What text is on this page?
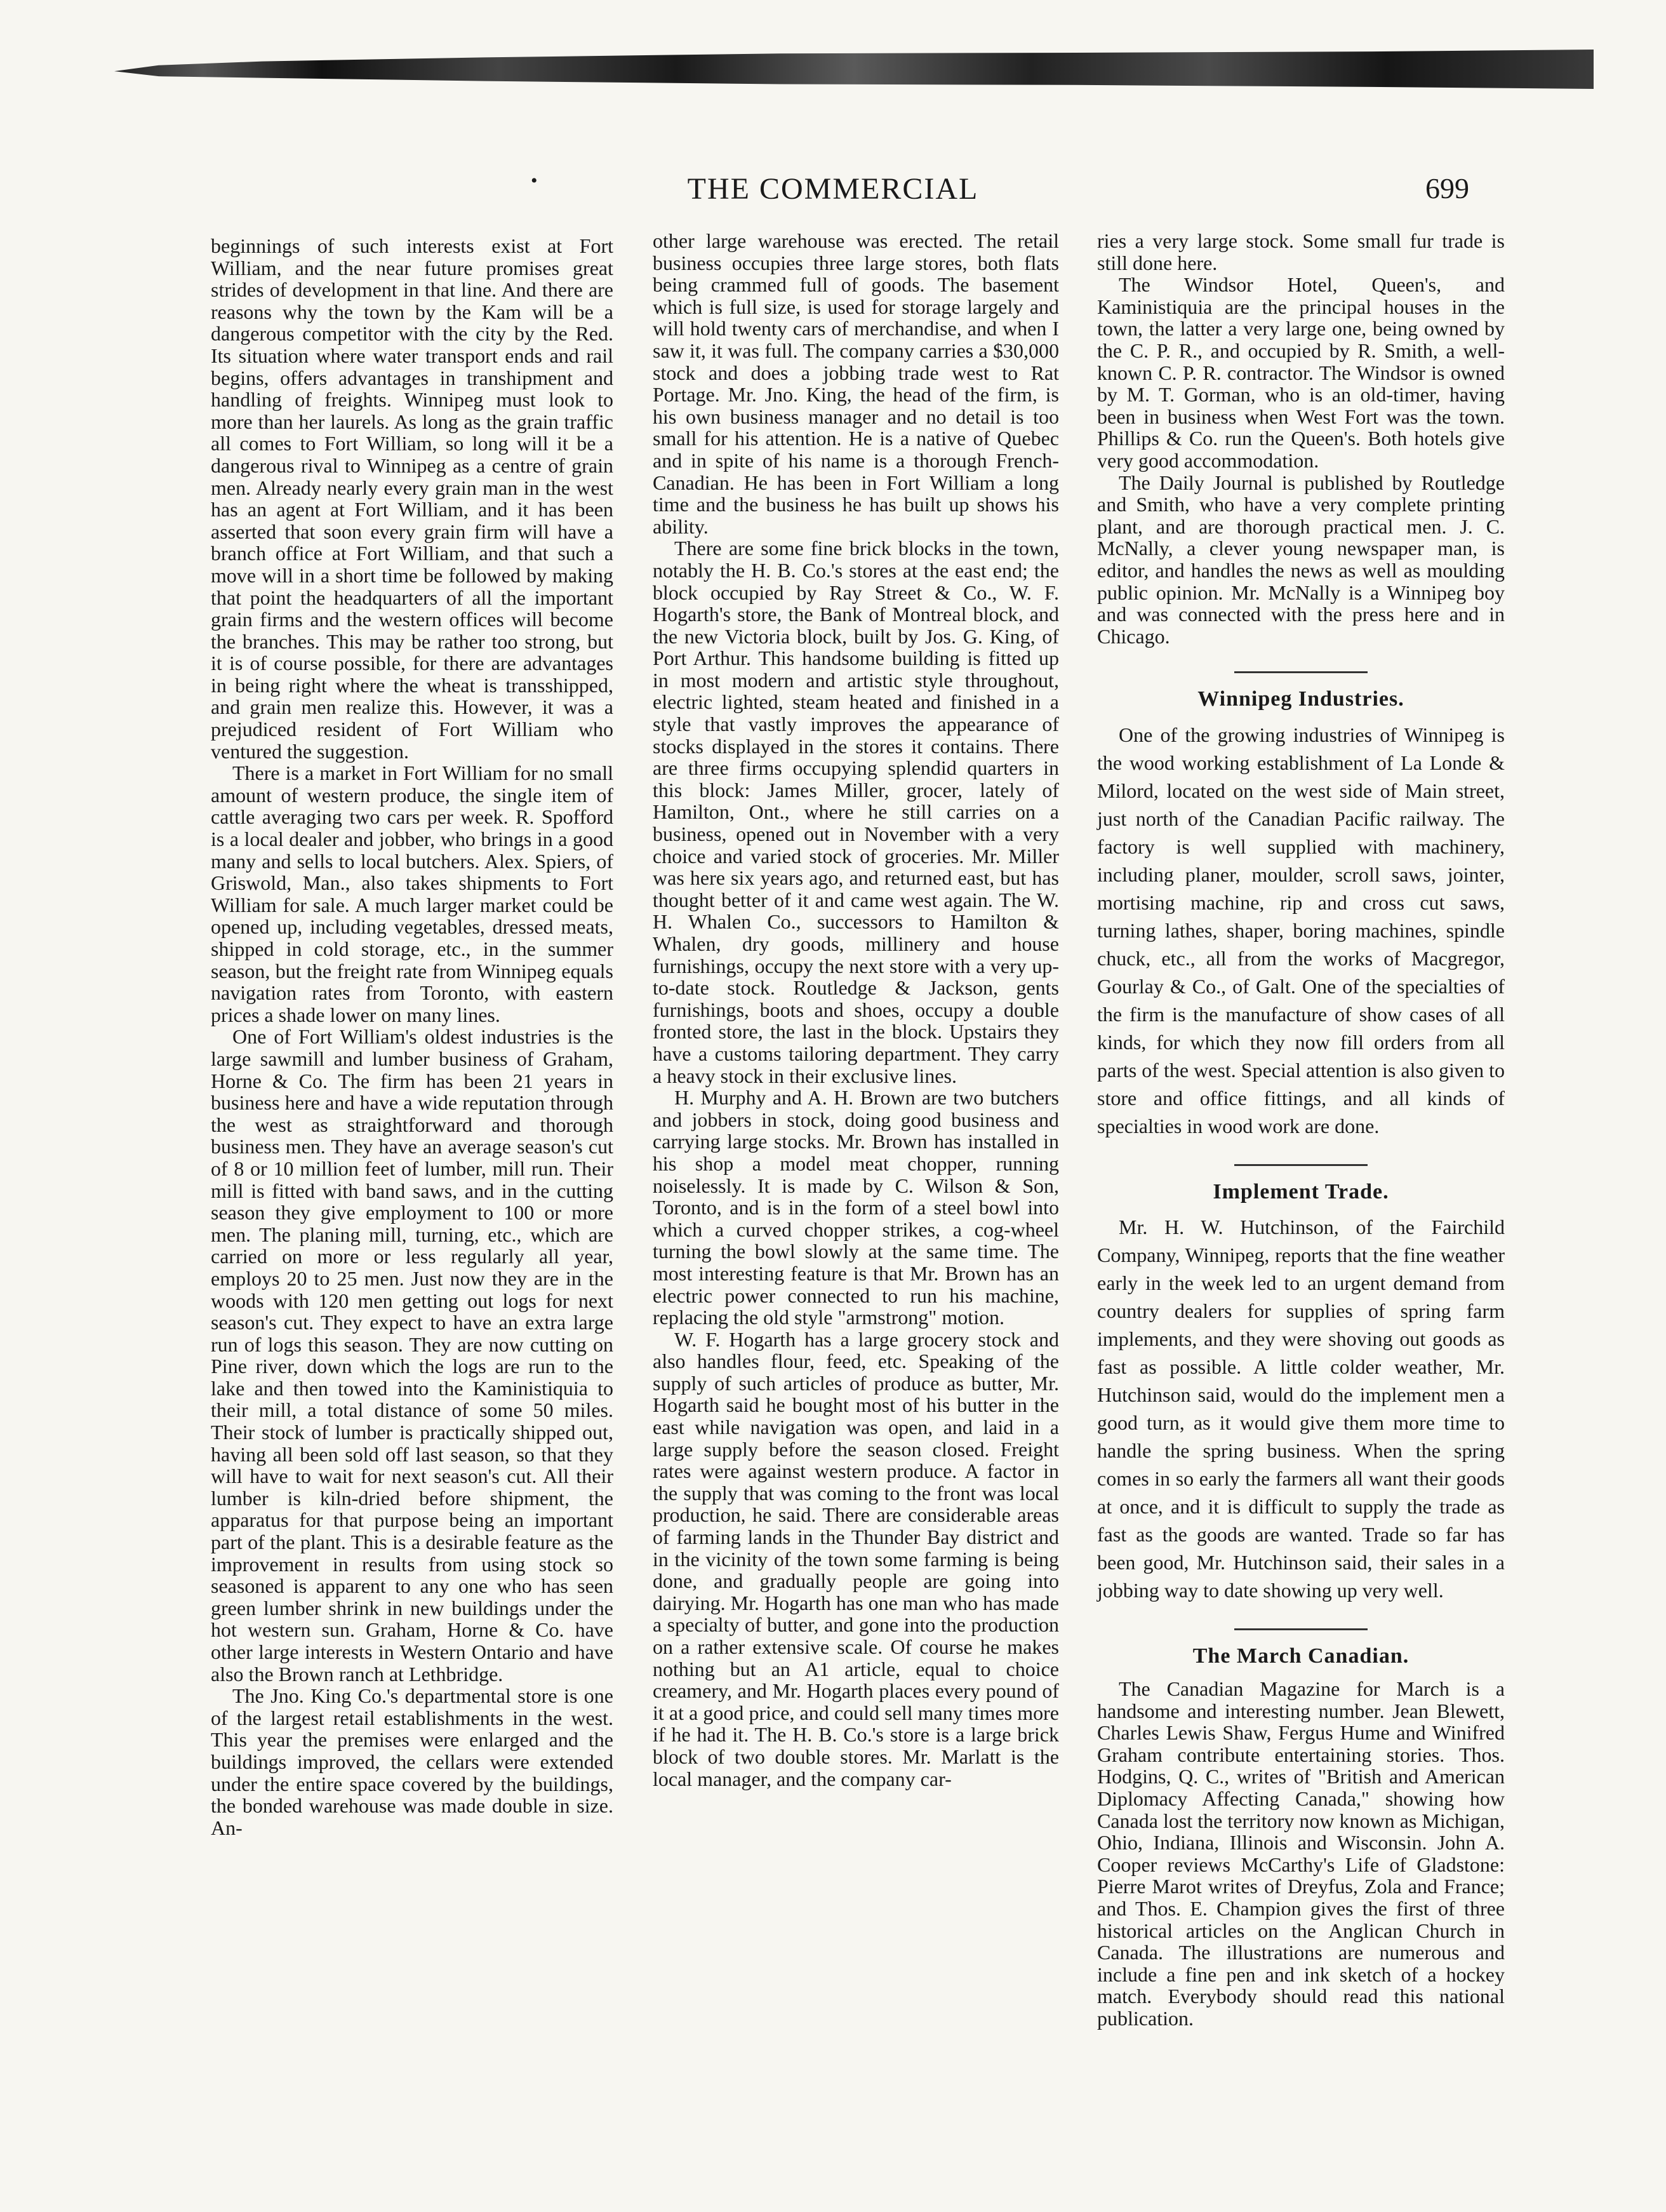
•	THE COMMERCIAL	699

beginnings of such interests exist at Fort William, and the near future promises great strides of development in that line. And there are reasons why the town by the Kam will be a dangerous competitor with the city by the Red. Its situation where water transport ends and rail begins, offers advantages in transhipment and handling of freights. Winnipeg must look to more than her laurels. As long as the grain traffic all comes to Fort William, so long will it be a dangerous rival to Winnipeg as a centre of grain men. Already nearly every grain man in the west has an agent at Fort William, and it has been asserted that soon every grain firm will have a branch office at Fort William, and that such a move will in a short time be followed by making that point the headquarters of all the important grain firms and the western offices will become the branches. This may be rather too strong, but it is of course possible, for there are advantages in being right where the wheat is transshipped, and grain men realize this. However, it was a prejudiced resident of Fort William who ventured the suggestion.

There is a market in Fort William for no small amount of western produce, the single item of cattle averaging two cars per week. R. Spofford is a local dealer and jobber, who brings in a good many and sells to local butchers. Alex. Spiers, of Griswold, Man., also takes shipments to Fort William for sale. A much larger market could be opened up, including vegetables, dressed meats, shipped in cold storage, etc., in the summer season, but the freight rate from Winnipeg equals navigation rates from Toronto, with eastern prices a shade lower on many lines.

One of Fort William's oldest industries is the large sawmill and lumber business of Graham, Horne & Co. The firm has been 21 years in business here and have a wide reputation through the west as straightforward and thorough business men. They have an average season's cut of 8 or 10 million feet of lumber, mill run. Their mill is fitted with band saws, and in the cutting season they give employment to 100 or more men. The planing mill, turning, etc., which are carried on more or less regularly all year, employs 20 to 25 men. Just now they are in the woods with 120 men getting out logs for next season's cut. They expect to have an extra large run of logs this season. They are now cutting on Pine river, down which the logs are run to the lake and then towed into the Kaministiquia to their mill, a total distance of some 50 miles. Their stock of lumber is practically shipped out, having all been sold off last season, so that they will have to wait for next season's cut. All their lumber is kiln-dried before shipment, the apparatus for that purpose being an important part of the plant. This is a desirable feature as the improvement in results from using stock so seasoned is apparent to any one who has seen green lumber shrink in new buildings under the hot western sun. Graham, Horne & Co. have other large interests in Western Ontario and have also the Brown ranch at Lethbridge.

The Jno. King Co.'s departmental store is one of the largest retail establishments in the west. This year the premises were enlarged and the buildings improved, the cellars were extended under the entire space covered by the buildings, the bonded warehouse was made double in size. An-

other large warehouse was erected. The retail business occupies three large stores, both flats being crammed full of goods. The basement which is full size, is used for storage largely and will hold twenty cars of merchandise, and when I saw it, it was full. The company carries a $30,000 stock and does a jobbing trade west to Rat Portage. Mr. Jno. King, the head of the firm, is his own business manager and no detail is too small for his attention. He is a native of Quebec and in spite of his name is a thorough French-Canadian. He has been in Fort William a long time and the business he has built up shows his ability.

There are some fine brick blocks in the town, notably the H. B. Co.'s stores at the east end; the block occupied by Ray Street & Co., W. F. Hogarth's store, the Bank of Montreal block, and the new Victoria block, built by Jos. G. King, of Port Arthur. This handsome building is fitted up in most modern and artistic style throughout, electric lighted, steam heated and finished in a style that vastly improves the appearance of stocks displayed in the stores it contains. There are three firms occupying splendid quarters in this block: James Miller, grocer, lately of Hamilton, Ont., where he still carries on a business, opened out in November with a very choice and varied stock of groceries. Mr. Miller was here six years ago, and returned east, but has thought better of it and came west again. The W. H. Whalen Co., successors to Hamilton & Whalen, dry goods, millinery and house furnishings, occupy the next store with a very up-to-date stock. Routledge & Jackson, gents furnishings, boots and shoes, occupy a double fronted store, the last in the block. Upstairs they have a customs tailoring department. They carry a heavy stock in their exclusive lines.

H. Murphy and A. H. Brown are two butchers and jobbers in stock, doing good business and carrying large stocks. Mr. Brown has installed in his shop a model meat chopper, running noiselessly. It is made by C. Wilson & Son, Toronto, and is in the form of a steel bowl into which a curved chopper strikes, a cog-wheel turning the bowl slowly at the same time. The most interesting feature is that Mr. Brown has an electric power connected to run his machine, replacing the old style "armstrong" motion.

W. F. Hogarth has a large grocery stock and also handles flour, feed, etc. Speaking of the supply of such articles of produce as butter, Mr. Hogarth said he bought most of his butter in the east while navigation was open, and laid in a large supply before the season closed. Freight rates were against western produce. A factor in the supply that was coming to the front was local production, he said. There are considerable areas of farming lands in the Thunder Bay district and in the vicinity of the town some farming is being done, and gradually people are going into dairying. Mr. Hogarth has one man who has made a specialty of butter, and gone into the production on a rather extensive scale. Of course he makes nothing but an A1 article, equal to choice creamery, and Mr. Hogarth places every pound of it at a good price, and could sell many times more if he had it. The H. B. Co.'s store is a large brick block of two double stores. Mr. Marlatt is the local manager, and the company car-

ries a very large stock. Some small fur trade is still done here.

The Windsor Hotel, Queen's, and Kaministiquia are the principal houses in the town, the latter a very large one, being owned by the C. P. R., and occupied by R. Smith, a well-known C. P. R. contractor. The Windsor is owned by M. T. Gorman, who is an old-timer, having been in business when West Fort was the town. Phillips & Co. run the Queen's. Both hotels give very good accommodation.

The Daily Journal is published by Routledge and Smith, who have a very complete printing plant, and are thorough practical men. J. C. McNally, a clever young newspaper man, is editor, and handles the news as well as moulding public opinion. Mr. McNally is a Winnipeg boy and was connected with the press here and in Chicago.

Winnipeg Industries.

One of the growing industries of Winnipeg is the wood working establishment of La Londe & Milord, located on the west side of Main street, just north of the Canadian Pacific railway. The factory is well supplied with machinery, including planer, moulder, scroll saws, jointer, mortising machine, rip and cross cut saws, turning lathes, shaper, boring machines, spindle chuck, etc., all from the works of Macgregor, Gourlay & Co., of Galt. One of the specialties of the firm is the manufacture of show cases of all kinds, for which they now fill orders from all parts of the west. Special attention is also given to store and office fittings, and all kinds of specialties in wood work are done.

Implement Trade.

Mr. H. W. Hutchinson, of the Fairchild Company, Winnipeg, reports that the fine weather early in the week led to an urgent demand from country dealers for supplies of spring farm implements, and they were shoving out goods as fast as possible. A little colder weather, Mr. Hutchinson said, would do the implement men a good turn, as it would give them more time to handle the spring business. When the spring comes in so early the farmers all want their goods at once, and it is difficult to supply the trade as fast as the goods are wanted. Trade so far has been good, Mr. Hutchinson said, their sales in a jobbing way to date showing up very well.

The March Canadian.

The Canadian Magazine for March is a handsome and interesting number. Jean Blewett, Charles Lewis Shaw, Fergus Hume and Winifred Graham contribute entertaining stories. Thos. Hodgins, Q. C., writes of "British and American Diplomacy Affecting Canada," showing how Canada lost the territory now known as Michigan, Ohio, Indiana, Illinois and Wisconsin. John A. Cooper reviews McCarthy's Life of Gladstone: Pierre Marot writes of Dreyfus, Zola and France; and Thos. E. Champion gives the first of three historical articles on the Anglican Church in Canada. The illustrations are numerous and include a fine pen and ink sketch of a hockey match. Everybody should read this national publication.
